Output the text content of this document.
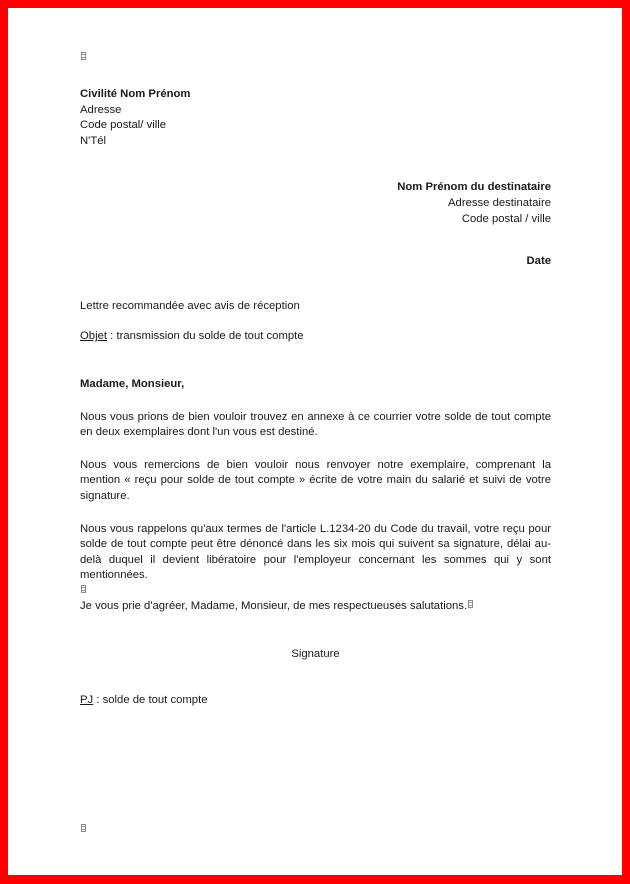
Civilité Nom Prénom
Adresse
Code postal/ ville
N'Tél
Nom Prénom du destinataire
Adresse destinataire
Code postal / ville
Date
Lettre recommandée avec avis de réception
Objet : transmission du solde de tout compte
Madame, Monsieur,

Nous vous prions de bien vouloir trouvez en annexe à ce courrier votre solde de tout compte en deux exemplaires dont l'un vous est destiné.

Nous vous remercions de bien vouloir nous renvoyer notre exemplaire, comprenant la mention « reçu pour solde de tout compte » écrite de votre main du salarié et suivi de votre signature.

Nous vous rappelons qu'aux termes de l'article L.1234-20 du Code du travail, votre reçu pour solde de tout compte peut être dénoncé dans les six mois qui suivent sa signature, délai au-delà duquel il devient libératoire pour l'employeur concernant les sommes qui y sont mentionnées.

Je vous prie d'agréer, Madame, Monsieur, de mes respectueuses salutations.
Signature
PJ : solde de tout compte
